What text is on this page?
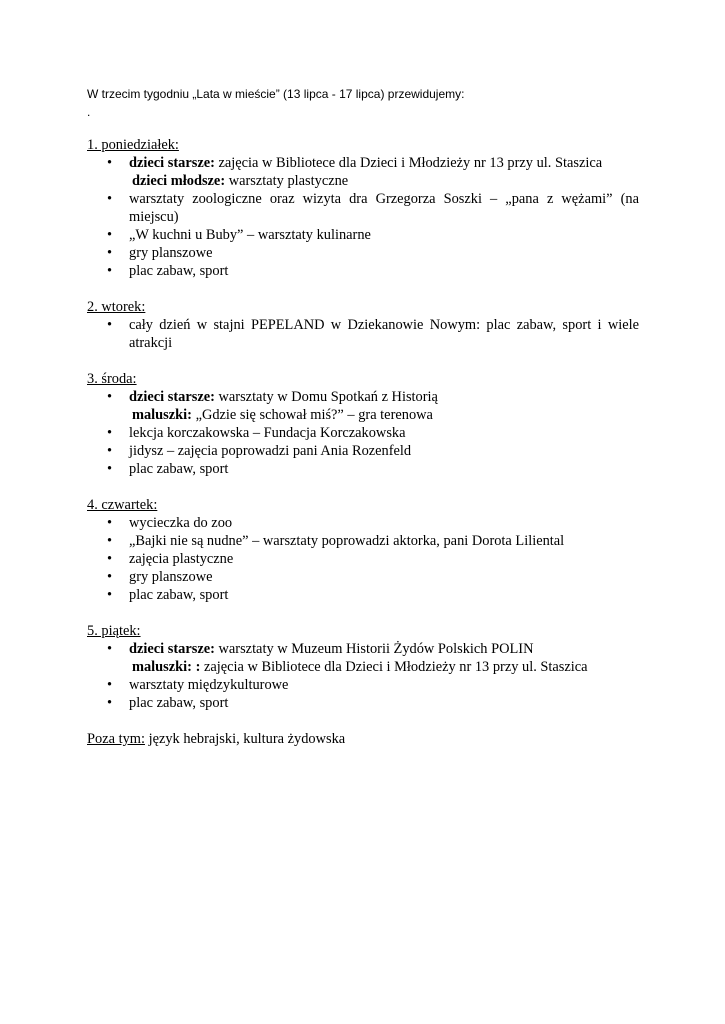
W trzecim tygodniu „Lata w mieście” (13 lipca - 17 lipca) przewidujemy:
.
1. poniedziałek:
• dzieci starsze: zajęcia w Bibliotece dla Dzieci i Młodzieży nr 13 przy ul. Staszica
dzieci młodsze: warsztaty plastyczne
• warsztaty zoologiczne oraz wizyta dra Grzegorza Soszki – „pana z wężami” (na miejscu)
• „W kuchni u Buby” – warsztaty kulinarne
• gry planszowe
• plac zabaw, sport
2. wtorek:
• cały dzień w stajni PEPELAND w Dziekanowie Nowym: plac zabaw, sport i wiele atrakcji
3. środa:
• dzieci starsze: warsztaty w Domu Spotkań z Historią
maluszki: „Gdzie się schował miś?” – gra terenowa
• lekcja korczakowska – Fundacja Korczakowska
• jidysz – zajęcia poprowadzi pani Ania Rozenfeld
• plac zabaw, sport
4. czwartek:
• wycieczka do zoo
• „Bajki nie są nudne” – warsztaty poprowadzi aktorka, pani Dorota Liliental
• zajęcia plastyczne
• gry planszowe
• plac zabaw, sport
5. piątek:
• dzieci starsze: warsztaty w Muzeum Historii Żydów Polskich POLIN
maluszki: : zajęcia w Bibliotece dla Dzieci i Młodzieży nr 13 przy ul. Staszica
• warsztaty międzykulturowe
• plac zabaw, sport
Poza tym: język hebrajski, kultura żydowska
